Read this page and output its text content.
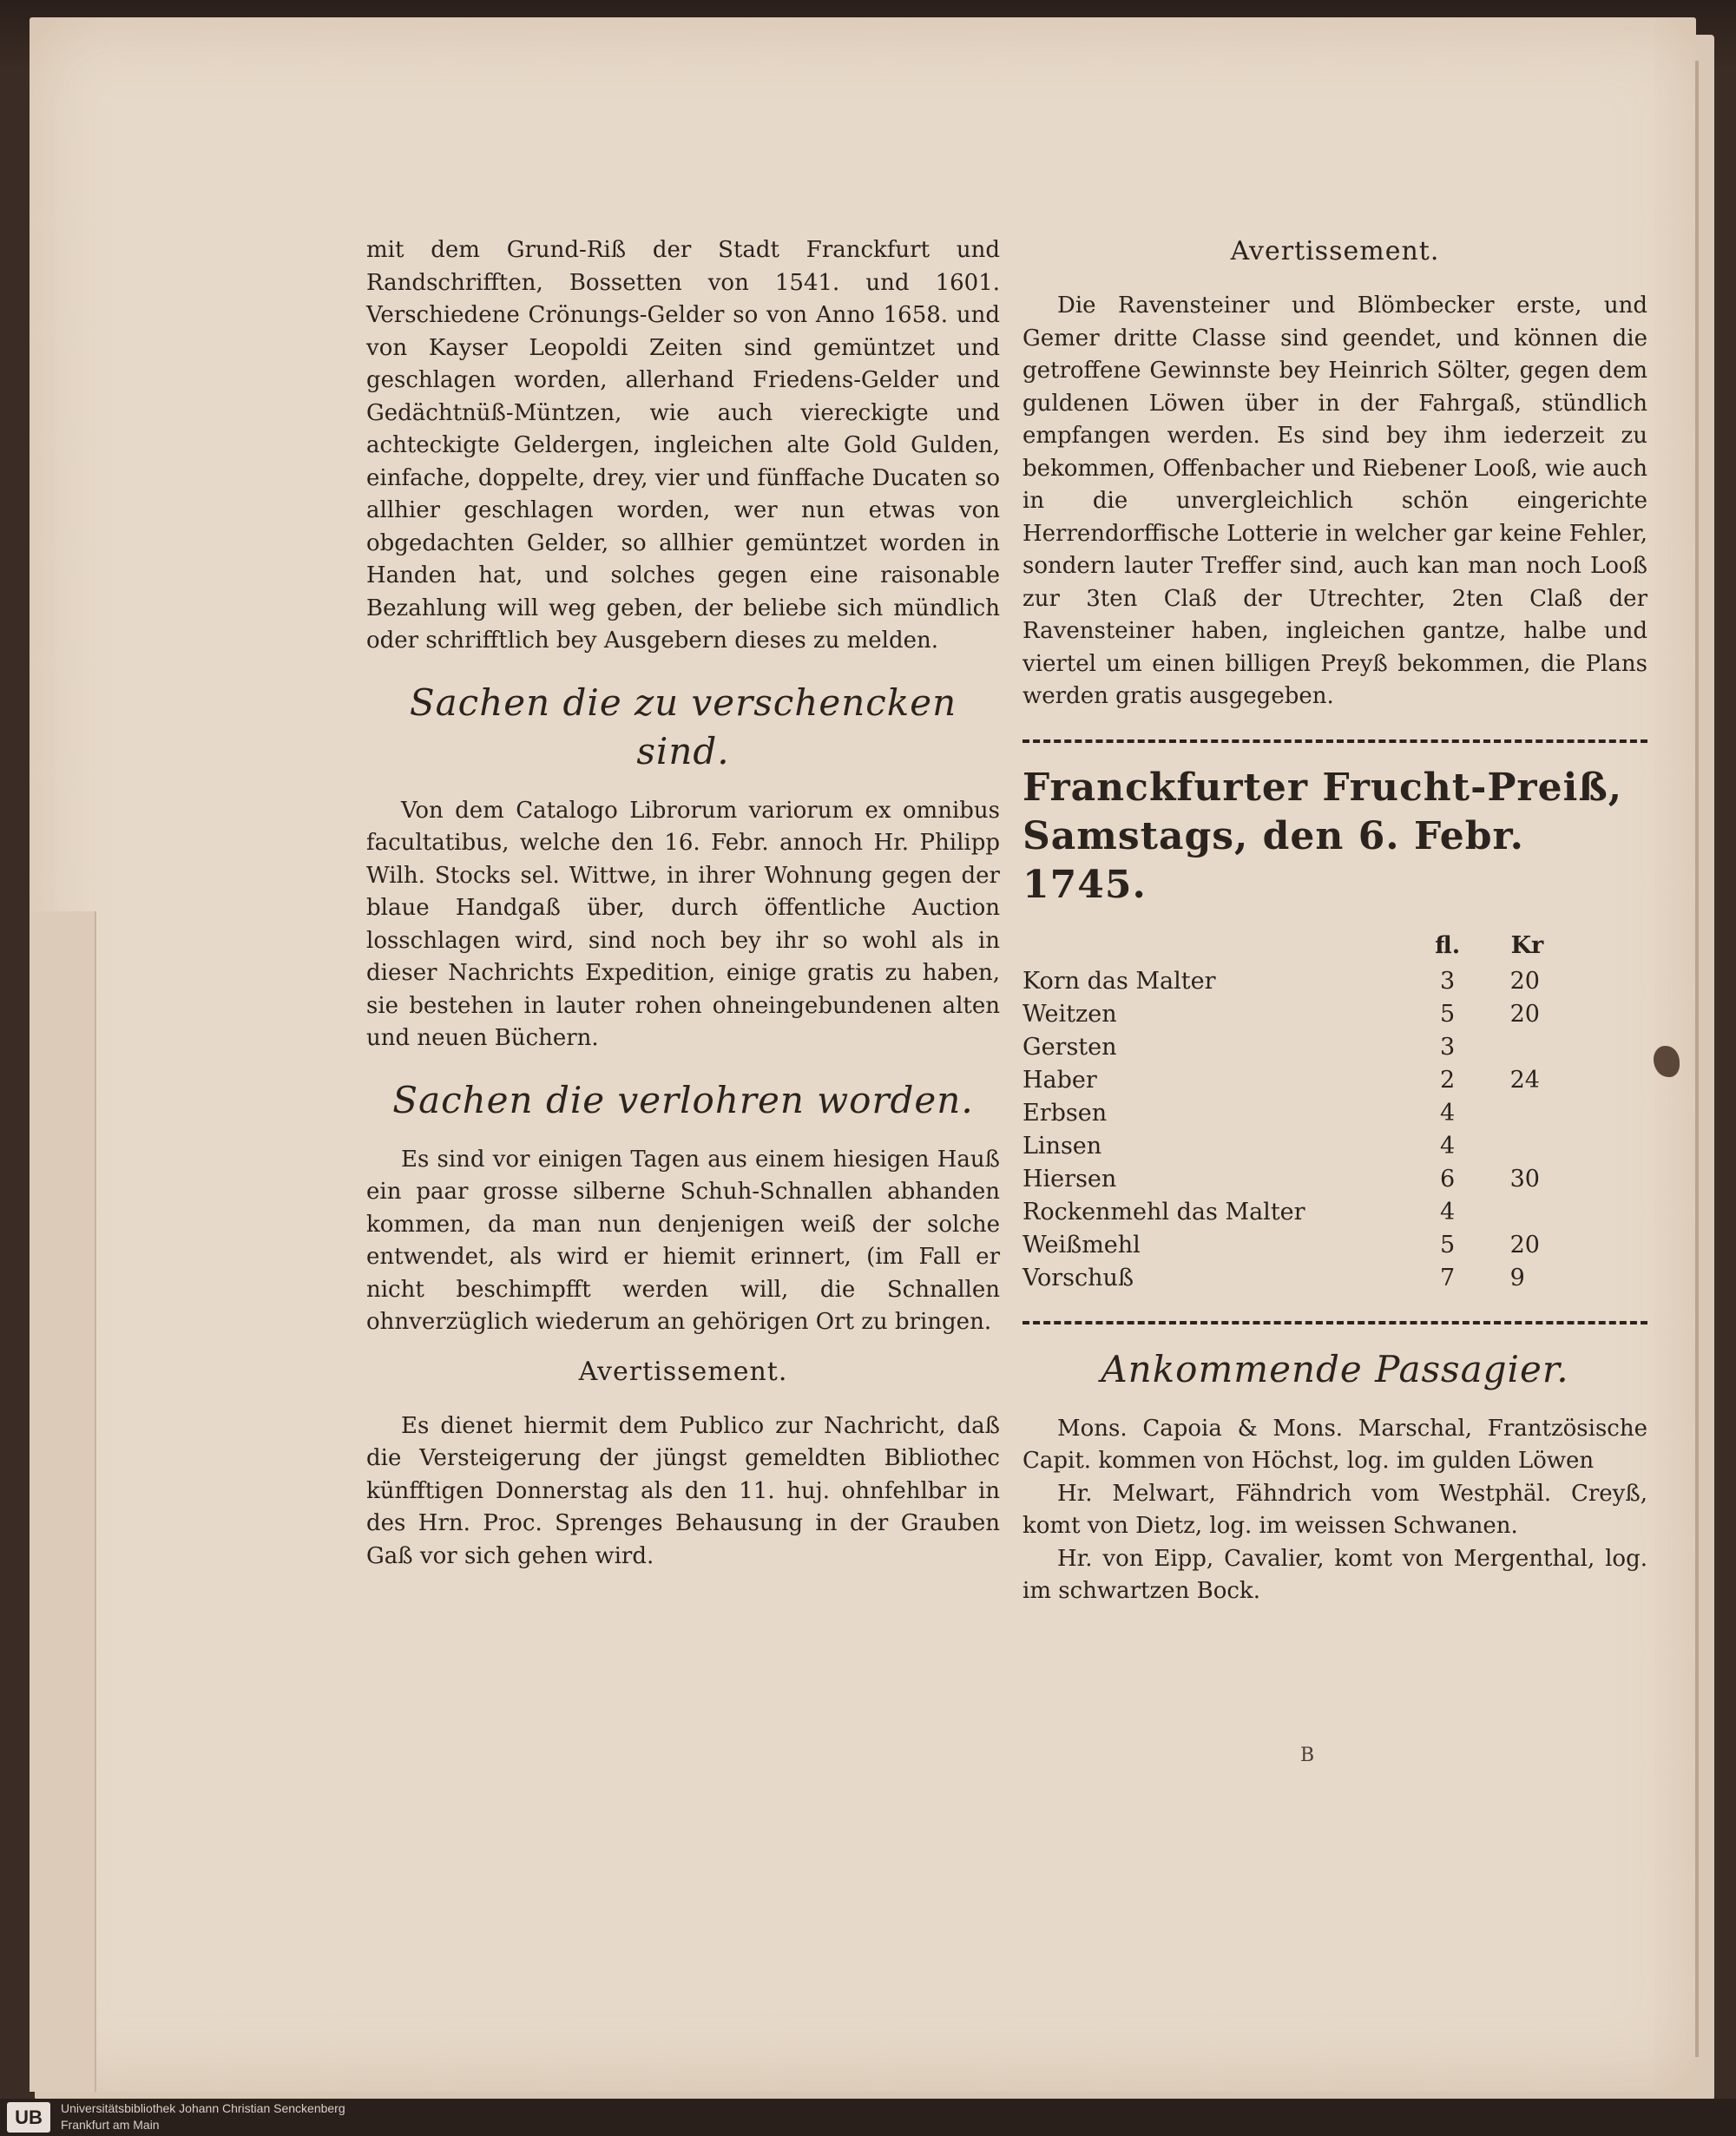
mit dem Grund-Riß der Stadt Franckfurt und Randschrifften, Bossetten von 1541. und 1601. Verschiedene Crönungs-Gelder so von Anno 1658. und von Kayser Leopoldi Zeiten sind gemüntzet und geschlagen worden, allerhand Friedens-Gelder und Gedächtnüß-Müntzen, wie auch viereckigte und achteckigte Geldergen, ingleichen alte Gold Gulden, einfache, doppelte, drey, vier und fünffache Ducaten so allhier geschlagen worden, wer nun etwas von obgedachten Gelder, so allhier gemüntzet worden in Handen hat, und solches gegen eine raisonable Bezahlung will weg geben, der beliebe sich mündlich oder schrifftlich bey Ausgebern dieses zu melden.

Sachen die zu verschencken sind.

Von dem Catalogo Librorum variorum ex omnibus facultatibus, welche den 16. Febr. annoch Hr. Philipp Wilh. Stocks sel. Wittwe, in ihrer Wohnung gegen der blaue Handgaß über, durch öffentliche Auction losschlagen wird, sind noch bey ihr so wohl als in dieser Nachrichts Expedition, einige gratis zu haben, sie bestehen in lauter rohen ohneingebundenen alten und neuen Büchern.

Sachen die verlohren worden.

Es sind vor einigen Tagen aus einem hiesigen Hauß ein paar grosse silberne Schuh-Schnallen abhanden kommen, da man nun denjenigen weiß der solche entwendet, als wird er hiemit erinnert, (im Fall er nicht beschimpfft werden will, die Schnallen ohnverzüglich wiederum an gehörigen Ort zu bringen.

Avertissement.

Es dienet hiermit dem Publico zur Nachricht, daß die Versteigerung der jüngst gemeldten Bibliothec künfftigen Donnerstag als den 11. huj. ohnfehlbar in des Hrn. Proc. Sprenges Behausung in der Grauben Gaß vor sich gehen wird.

Avertissement.

Die Ravensteiner und Blömbecker erste, und Gemer dritte Classe sind geendet, und können die getroffene Gewinnste bey Heinrich Sölter, gegen dem guldenen Löwen über in der Fahrgaß, stündlich empfangen werden. Es sind bey ihm iederzeit zu bekommen, Offenbacher und Riebener Looß, wie auch in die unvergleichlich schön eingerichte Herrendorffische Lotterie in welcher gar keine Fehler, sondern lauter Treffer sind, auch kan man noch Looß zur 3ten Claß der Utrechter, 2ten Claß der Ravensteiner haben, ingleichen gantze, halbe und viertel um einen billigen Preyß bekommen, die Plans werden gratis ausgegeben.

Franckfurter Frucht-Preiß, Samstags, den 6. Febr. 1745.
	fl.	Kr
Korn das Malter	3	20
Weitzen	5	20
Gersten	3	
Haber	2	24
Erbsen	4	
Linsen	4	
Hiersen	6	30
Rockenmehl das Malter	4	
Weißmehl	5	20
Vorschuß	7	9
Ankommende Passagier.

Mons. Capoia & Mons. Marschal, Frantzösische Capit. kommen von Höchst, log. im gulden Löwen

Hr. Melwart, Fähndrich vom Westphäl. Creyß, komt von Dietz, log. im weissen Schwanen.

Hr. von Eipp, Cavalier, komt von Mergenthal, log. im schwartzen Bock.

B
UB	Universitätsbibliothek Johann Christian Senckenberg
Frankfurt am Main
